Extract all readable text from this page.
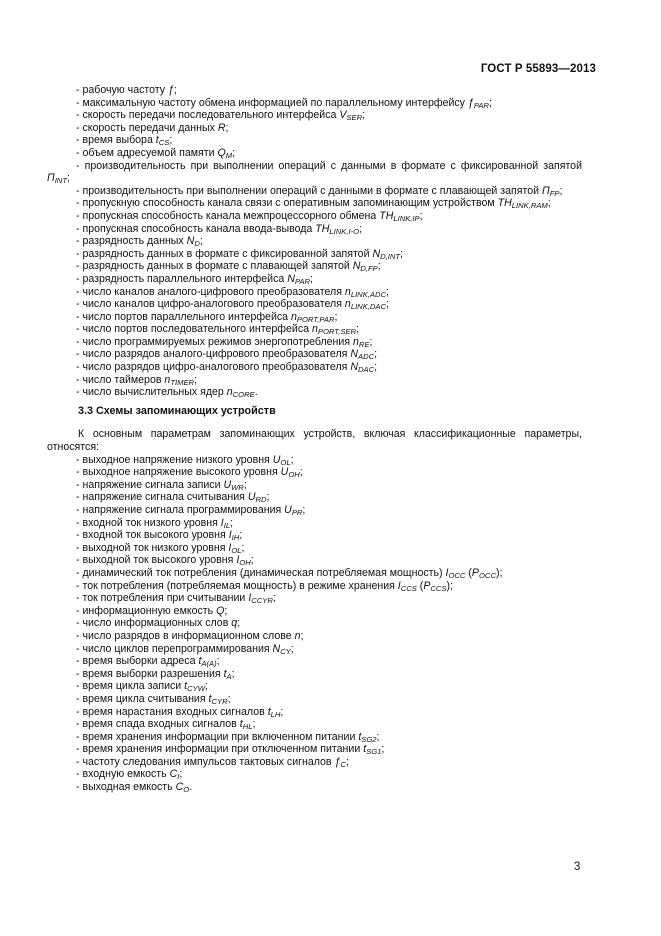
ГОСТ Р 55893—2013

- рабочую частоту ƒ;

- максимальную частоту обмена информацией по параллельному интерфейсу $ƒ_{PAR}$;

- скорость передачи последовательного интерфейса $V_{SER}$;

- скорость передачи данных R;

- время выбора $t_{CS}$;

- объем адресуемой памяти $Q_M$;

- производительность при выполнении операций с данными в формате с фиксированной запятой $П_{INT}$;

- производительность при выполнении операций с данными в формате с плавающей запятой $П_{FP}$;

- пропускную способность канала связи с оперативным запоминающим устройством $TH_{LINK,RAM}$;

- пропускная способность канала межпроцессорного обмена $TH_{LINK,IP}$;

- пропускная способность канала ввода-вывода $TH_{LINK,I-O}$;

- разрядность данных $N_D$;

- разрядность данных в формате с фиксированной запятой $N_{D,INT}$;

- разрядность данных в формате с плавающей запятой $N_{D,FP}$;

- разрядность параллельного интерфейса $N_{PAR}$;

- число каналов аналого-цифрового преобразователя $n_{LINK,ADC}$;

- число каналов цифро-аналогового преобразователя $n_{LINK,DAC}$;

- число портов параллельного интерфейса $n_{PORT,PAR}$;

- число портов последовательного интерфейса $n_{PORT,SER}$;

- число программируемых режимов энергопотребления $n_{RE}$;

- число разрядов аналого-цифрового преобразователя $N_{ADC}$;

- число разрядов цифро-аналогового преобразователя $N_{DAC}$;

- число таймеров $n_{TIMER}$;

- число вычислительных ядер $n_{CORE}$.

3.3 Схемы запоминающих устройств

К основным параметрам запоминающих устройств, включая классификационные параметры, относятся:

- выходное напряжение низкого уровня $U_{OL}$;

- выходное напряжение высокого уровня $U_{OH}$;

- напряжение сигнала записи $U_{WR}$;

- напряжение сигнала считывания $U_{RD}$;

- напряжение сигнала программирования $U_{PR}$;

- входной ток низкого уровня $I_{IL}$;

- входной ток высокого уровня $I_{IH}$;

- выходной ток низкого уровня $I_{OL}$;

- выходной ток высокого уровня $I_{OH}$;

- динамический ток потребления (динамическая потребляемая мощность) $I_{OCC}$ $(P_{OCC})$;

- ток потребления (потребляемая мощность) в режиме хранения $I_{CCS}$ $(P_{CCS})$;

- ток потребления при считывании $I_{CCYR}$;

- информационную емкость Q;

- число информационных слов q;

- число разрядов в информационном слове n;

- число циклов перепрограммирования $N_{CY}$;

- время выборки адреса $t_{A(A)}$;

- время выборки разрешения $t_A$;

- время цикла записи $t_{CYW}$;

- время цикла считывания $t_{CYR}$;

- время нарастания входных сигналов $t_{LH}$;

- время спада входных сигналов $t_{HL}$;

- время хранения информации при включенном питании $t_{SG2}$;

- время хранения информации при отключенном питании $t_{SG1}$;

- частоту следования импульсов тактовых сигналов $ƒ_C$;

- входную емкость $C_I$;

- выходная емкость $C_O$.

3
